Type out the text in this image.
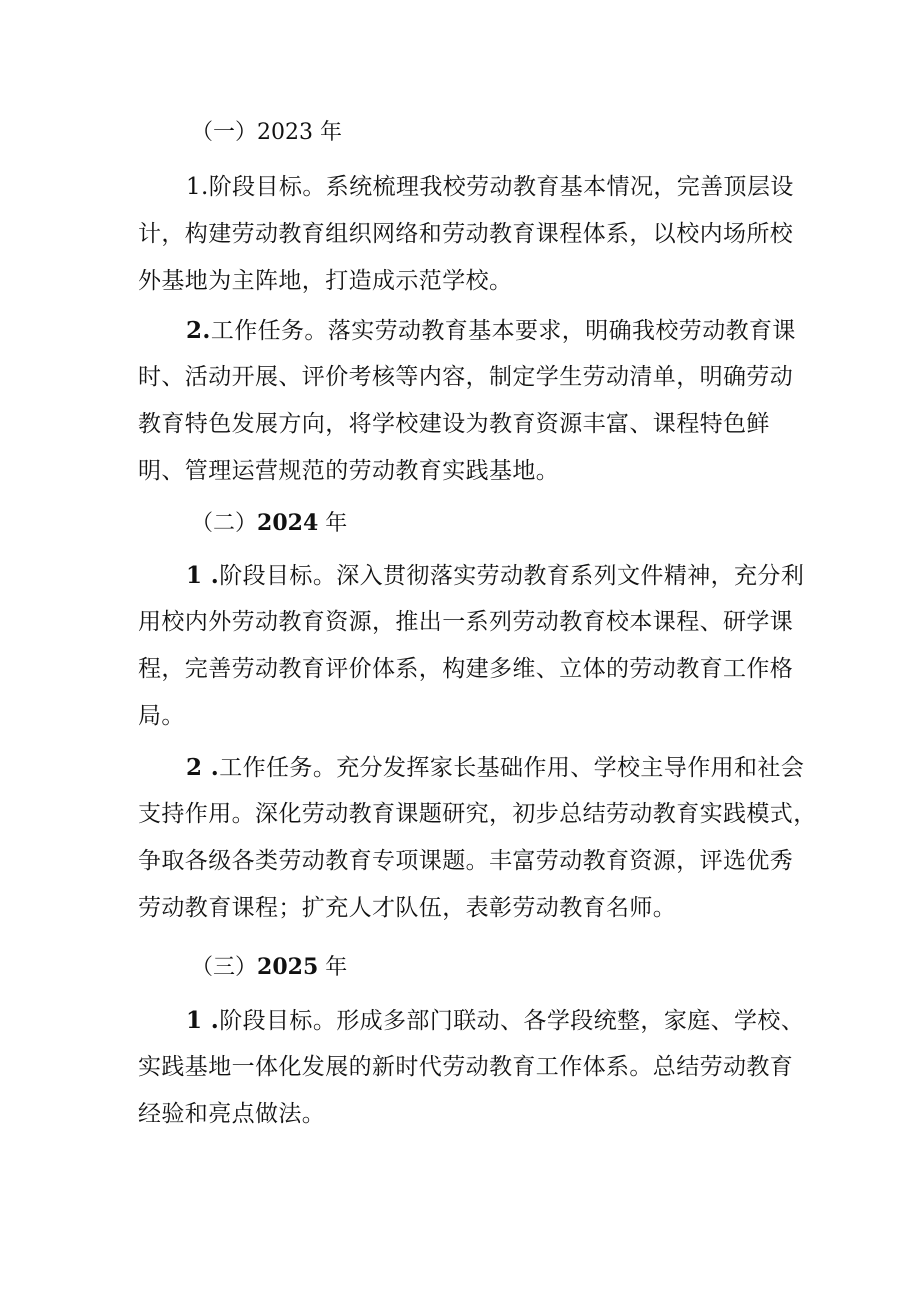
（一）2023 年
1.阶段目标。系统梳理我校劳动教育基本情况，完善顶层设
计，构建劳动教育组织网络和劳动教育课程体系，以校内场所校
外基地为主阵地，打造成示范学校。
2.工作任务。落实劳动教育基本要求，明确我校劳动教育课
时、活动开展、评价考核等内容，制定学生劳动清单，明确劳动
教育特色发展方向，将学校建设为教育资源丰富、课程特色鲜
明、管理运营规范的劳动教育实践基地。
（二）2024 年
1 .阶段目标。深入贯彻落实劳动教育系列文件精神，充分利
用校内外劳动教育资源，推出一系列劳动教育校本课程、研学课
程，完善劳动教育评价体系，构建多维、立体的劳动教育工作格
局。
2 .工作任务。充分发挥家长基础作用、学校主导作用和社会
支持作用。深化劳动教育课题研究，初步总结劳动教育实践模式，
争取各级各类劳动教育专项课题。丰富劳动教育资源，评选优秀
劳动教育课程；扩充人才队伍，表彰劳动教育名师。
（三）2025 年
1 .阶段目标。形成多部门联动、各学段统整，家庭、学校、
实践基地一体化发展的新时代劳动教育工作体系。总结劳动教育
经验和亮点做法。
